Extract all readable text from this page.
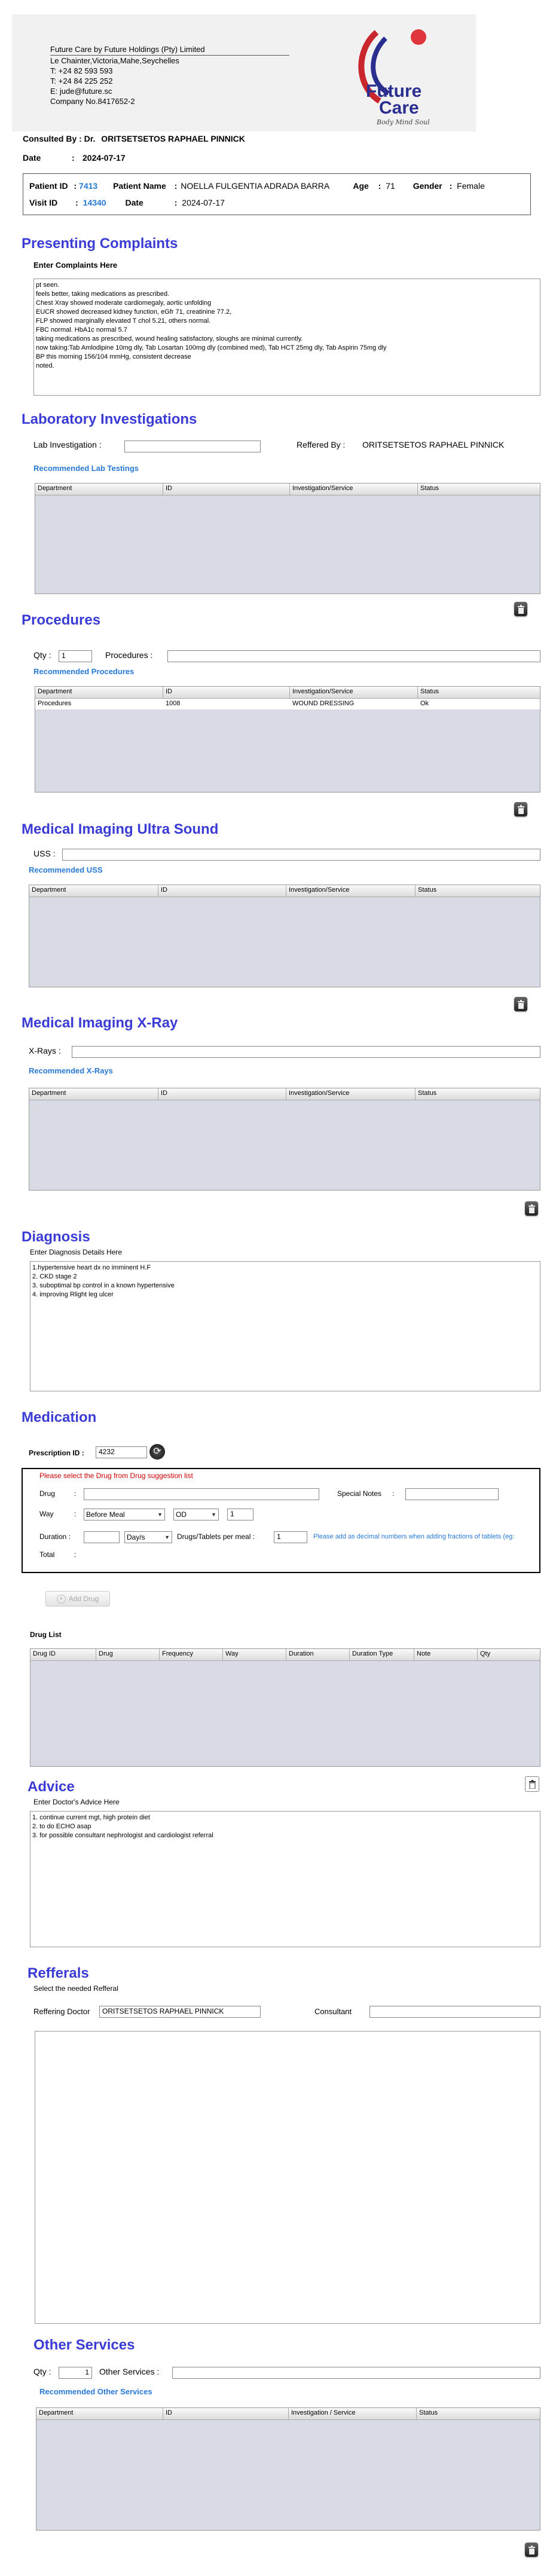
Future Care by Future Holdings (Pty) Limited
Le Chainter,Victoria,Mahe,Seychelles
T: +24 82 593 593
T: +24 84 225 252
E: jude@future.sc
Company No.8417652-2
Future
Care
Body Mind Soul
Consulted By : Dr. ORITSETSETOS RAPHAEL PINNICK
Date	: 2024-07-17
Patient ID : 7413 Patient Name : NOELLA FULGENTIA ADRADA BARRA	Age : 71 Gender : Female
Visit ID : 14340 Date	: 2024-07-17
Presenting Complaints
Enter Complaints Here
pt seen.
feels better, taking medications as prescribed.
Chest Xray showed moderate cardiomegaly, aortic unfolding
EUCR showed decreased kidney function, eGfr 71, creatinine 77.2,
FLP showed marginally elevated T chol 5.21, others normal.
FBC normal. HbA1c normal 5.7
taking medications as prescribed, wound healing satisfactory, sloughs are minimal currently.
now taking:Tab Amlodipine 10mg dly, Tab Losartan 100mg dly (combined med), Tab HCT 25mg dly, Tab Aspirin 75mg dly
BP this morning 156/104 mmHg, consistent decrease
noted.
Laboratory Investigations
Lab Investigation :	Reffered By : ORITSETSETOS RAPHAEL PINNICK
Recommended Lab Testings
Department	ID	Investigation/Service	Status
Procedures
Qty :	1	Procedures :
Recommended Procedures
Department	ID	Investigation/Service	Status
Procedures	1008	WOUND DRESSING	Ok
Medical Imaging Ultra Sound
USS :
Recommended USS
Department	ID	Investigation/Service	Status
Medical Imaging X-Ray
X-Rays :
Recommended X-Rays
Department	ID	Investigation/Service	Status
Diagnosis
Enter Diagnosis Details Here
1.hypertensive heart dx no imminent H.F
2. CKD stage 2
3. suboptimal bp control in a known hypertensive
4. improving Rlight leg ulcer
Medication
Prescription ID :	4232	⟳
Please select the Drug from Drug suggestion list
Drug	:	Special Notes :
Way	: Before Meal	▼ OD	▼	1
Duration :	Day/s	▼ Drugs/Tablets per meal :	1	Please add as decimal numbers when adding fractions of tablets (eg:
Total	:
+ Add Drug
Drug List
Drug ID	Drug	Frequency	Way	Duration	Duration Type	Note	Qty
Advice
Enter Doctor's Advice Here
1. continue current mgt, high protein diet
2. to do ECHO asap
3. for possible consultant nephrologist and cardiologist referral
Refferals
Select the needed Refferal
Reffering Doctor	ORITSETSETOS RAPHAEL PINNICK	Consultant
Other Services
Qty :	1	Other Services :
Recommended Other Services
Department	ID	Investigation / Service	Status
